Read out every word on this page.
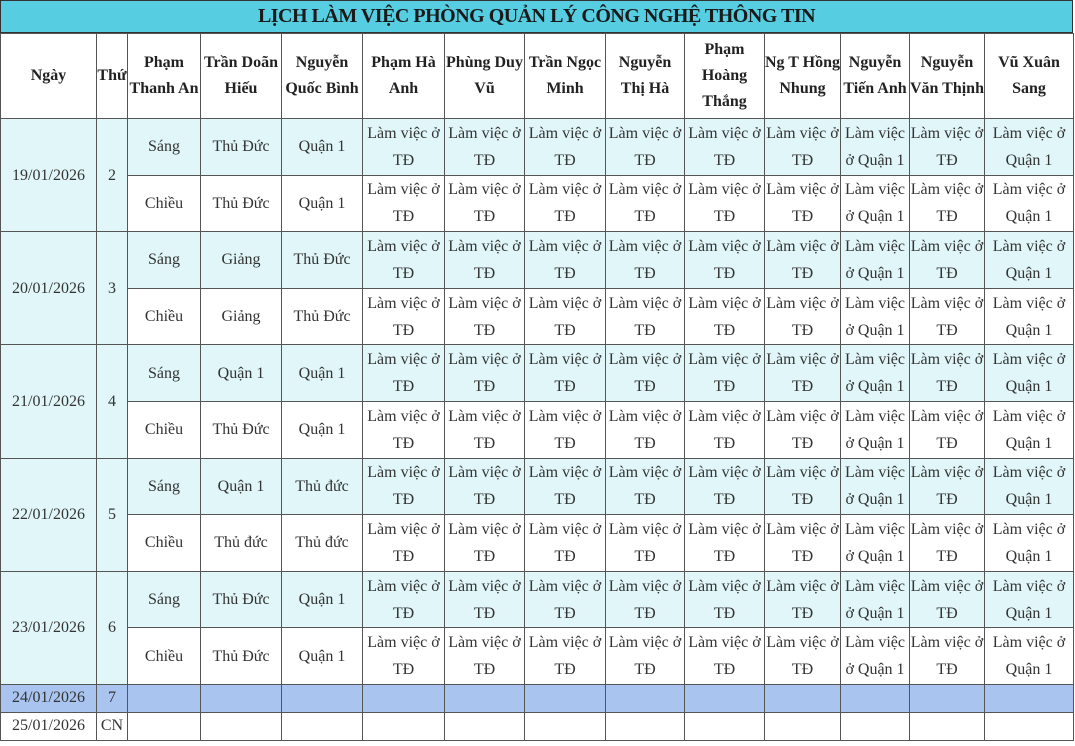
LỊCH LÀM VIỆC PHÒNG QUẢN LÝ CÔNG NGHỆ THÔNG TIN
Ngày	Thứ	Phạm Thanh An	Trần Doãn Hiếu	Nguyễn Quốc Bình	Phạm Hà Anh	Phùng Duy Vũ	Trần Ngọc Minh	Nguyễn Thị Hà	Phạm Hoàng Thắng	Ng T Hồng Nhung	Nguyễn Tiến Anh	Nguyễn Văn Thịnh	Vũ Xuân Sang
19/01/2026	2	Sáng	Thủ Đức	Quận 1	Làm việc ở TĐ	Làm việc ở TĐ	Làm việc ở TĐ	Làm việc ở TĐ	Làm việc ở TĐ	Làm việc ở TĐ	Làm việc ở Quận 1	Làm việc ở TĐ	Làm việc ở Quận 1
		Chiều	Thủ Đức	Quận 1	Làm việc ở TĐ	Làm việc ở TĐ	Làm việc ở TĐ	Làm việc ở TĐ	Làm việc ở TĐ	Làm việc ở TĐ	Làm việc ở Quận 1	Làm việc ở TĐ	Làm việc ở Quận 1
20/01/2026	3	Sáng	Giảng	Thủ Đức	Làm việc ở TĐ	Làm việc ở TĐ	Làm việc ở TĐ	Làm việc ở TĐ	Làm việc ở TĐ	Làm việc ở TĐ	Làm việc ở Quận 1	Làm việc ở TĐ	Làm việc ở Quận 1
		Chiều	Giảng	Thủ Đức	Làm việc ở TĐ	Làm việc ở TĐ	Làm việc ở TĐ	Làm việc ở TĐ	Làm việc ở TĐ	Làm việc ở TĐ	Làm việc ở Quận 1	Làm việc ở TĐ	Làm việc ở Quận 1
21/01/2026	4	Sáng	Quận 1	Quận 1	Làm việc ở TĐ	Làm việc ở TĐ	Làm việc ở TĐ	Làm việc ở TĐ	Làm việc ở TĐ	Làm việc ở TĐ	Làm việc ở Quận 1	Làm việc ở TĐ	Làm việc ở Quận 1
		Chiều	Thủ Đức	Quận 1	Làm việc ở TĐ	Làm việc ở TĐ	Làm việc ở TĐ	Làm việc ở TĐ	Làm việc ở TĐ	Làm việc ở TĐ	Làm việc ở Quận 1	Làm việc ở TĐ	Làm việc ở Quận 1
22/01/2026	5	Sáng	Quận 1	Thủ đức	Làm việc ở TĐ	Làm việc ở TĐ	Làm việc ở TĐ	Làm việc ở TĐ	Làm việc ở TĐ	Làm việc ở TĐ	Làm việc ở Quận 1	Làm việc ở TĐ	Làm việc ở Quận 1
		Chiều	Thủ đức	Thủ đức	Làm việc ở TĐ	Làm việc ở TĐ	Làm việc ở TĐ	Làm việc ở TĐ	Làm việc ở TĐ	Làm việc ở TĐ	Làm việc ở Quận 1	Làm việc ở TĐ	Làm việc ở Quận 1
23/01/2026	6	Sáng	Thủ Đức	Quận 1	Làm việc ở TĐ	Làm việc ở TĐ	Làm việc ở TĐ	Làm việc ở TĐ	Làm việc ở TĐ	Làm việc ở TĐ	Làm việc ở Quận 1	Làm việc ở TĐ	Làm việc ở Quận 1
		Chiều	Thủ Đức	Quận 1	Làm việc ở TĐ	Làm việc ở TĐ	Làm việc ở TĐ	Làm việc ở TĐ	Làm việc ở TĐ	Làm việc ở TĐ	Làm việc ở Quận 1	Làm việc ở TĐ	Làm việc ở Quận 1
24/01/2026	7												
25/01/2026	CN												
